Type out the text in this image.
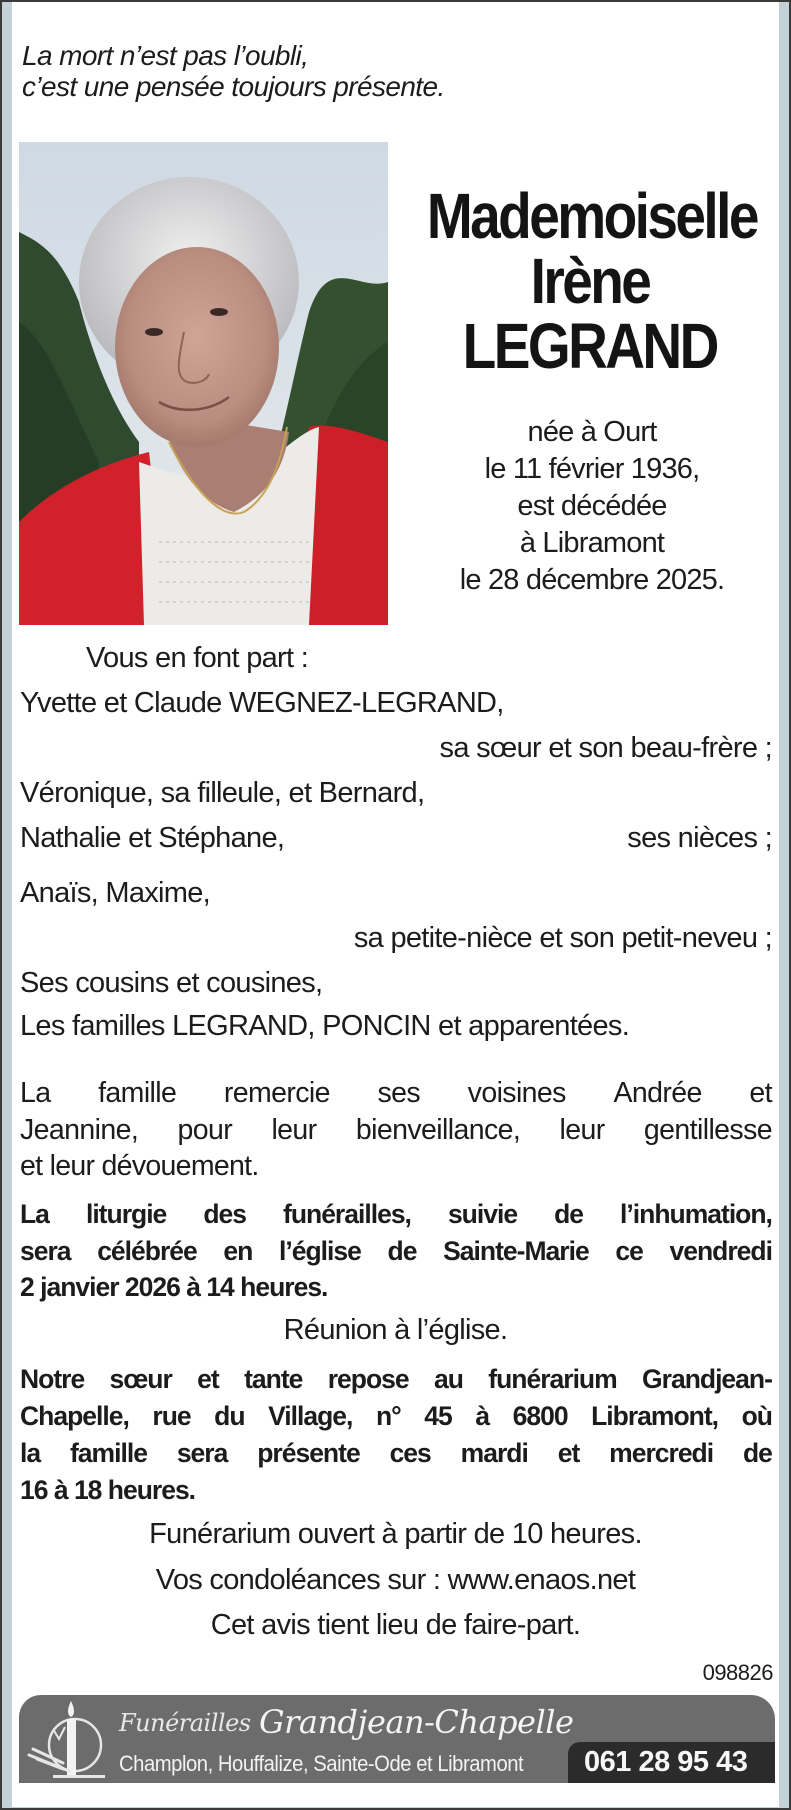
La mort n’est pas l’oubli,
c’est une pensée toujours présente.
Mademoiselle
Irène
LEGRAND
née à Ourt
le 11 février 1936,
est décédée
à Libramont
le 28 décembre 2025.
Vous en font part :
Yvette et Claude WEGNEZ-LEGRAND,
sa sœur et son beau-frère ;
Véronique, sa filleule, et Bernard,
Nathalie et Stéphane,	ses nièces ;
Anaïs, Maxime,
sa petite-nièce et son petit-neveu ;
Ses cousins et cousines,
Les familles LEGRAND, PONCIN et apparentées.
La famille remercie ses voisines Andrée et
Jeannine, pour leur bienveillance, leur gentillesse
et leur dévouement.
La liturgie des funérailles, suivie de l’inhumation,
sera célébrée en l’église de Sainte-Marie ce vendredi
2 janvier 2026 à 14 heures.
Réunion à l’église.
Notre sœur et tante repose au funérarium Grandjean-
Chapelle, rue du Village, n° 45 à 6800 Libramont, où
la famille sera présente ces mardi et mercredi de
16 à 18 heures.
Funérarium ouvert à partir de 10 heures.
Vos condoléances sur : www.enaos.net
Cet avis tient lieu de faire-part.
098826
Funérailles Grandjean-Chapelle
Champlon, Houffalize, Sainte-Ode et Libramont 061 28 95 43
